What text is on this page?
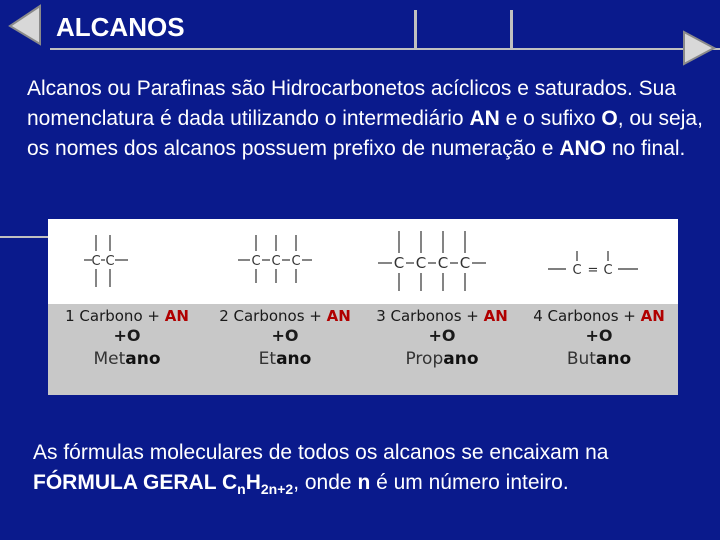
ALCANOS
Alcanos ou Parafinas são Hidrocarbonetos acíclicos e saturados. Sua nomenclatura é dada utilizando o intermediário AN e o sufixo O, ou seja, os nomes dos alcanos possuem prefixo de numeração e ANO no final.
C C	C C C	C C C C	C = C
1 Carbono + AN
+O
Metano
2 Carbonos + AN
+O
Etano
3 Carbonos + AN
+O
Propano
4 Carbonos + AN
+O
Butano
As fórmulas moleculares de todos os alcanos se encaixam na FÓRMULA GERAL $C_nH_{2n+2}$, onde n é um número inteiro.
